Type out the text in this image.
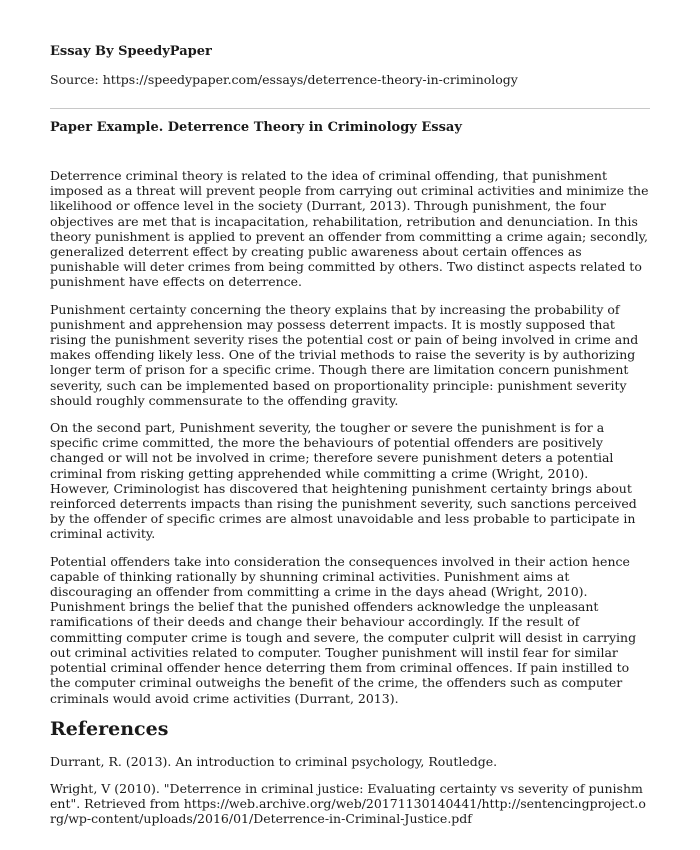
Essay By SpeedyPaper
Source: https://speedypaper.com/essays/deterrence-theory-in-criminology
Paper Example. Deterrence Theory in Criminology Essay

Deterrence criminal theory is related to the idea of criminal offending, that punishment imposed as a threat will prevent people from carrying out criminal activities and minimize the likelihood or offence level in the society (Durrant, 2013). Through punishment, the four objectives are met that is incapacitation, rehabilitation, retribution and denunciation. In this theory punishment is applied to prevent an offender from committing a crime again; secondly, generalized deterrent effect by creating public awareness about certain offences as punishable will deter crimes from being committed by others. Two distinct aspects related to punishment have effects on deterrence.

Punishment certainty concerning the theory explains that by increasing the probability of punishment and apprehension may possess deterrent impacts. It is mostly supposed that rising the punishment severity rises the potential cost or pain of being involved in crime and makes offending likely less. One of the trivial methods to raise the severity is by authorizing longer term of prison for a specific crime. Though there are limitation concern punishment severity, such can be implemented based on proportionality principle: punishment severity should roughly commensurate to the offending gravity.

On the second part, Punishment severity, the tougher or severe the punishment is for a specific crime committed, the more the behaviours of potential offenders are positively changed or will not be involved in crime; therefore severe punishment deters a potential criminal from risking getting apprehended while committing a crime (Wright, 2010). However, Criminologist has discovered that heightening punishment certainty brings about reinforced deterrents impacts than rising the punishment severity, such sanctions perceived by the offender of specific crimes are almost unavoidable and less probable to participate in criminal activity.

Potential offenders take into consideration the consequences involved in their action hence capable of thinking rationally by shunning criminal activities. Punishment aims at discouraging an offender from committing a crime in the days ahead (Wright, 2010). Punishment brings the belief that the punished offenders acknowledge the unpleasant ramifications of their deeds and change their behaviour accordingly. If the result of committing computer crime is tough and severe, the computer culprit will desist in carrying out criminal activities related to computer. Tougher punishment will instil fear for similar potential criminal offender hence deterring them from criminal offences. If pain instilled to the computer criminal outweighs the benefit of the crime, the offenders such as computer criminals would avoid crime activities (Durrant, 2013).

References

Durrant, R. (2013). An introduction to criminal psychology, Routledge.

Wright, V (2010). "Deterrence in criminal justice: Evaluating certainty vs severity of punishment". Retrieved from https://web.archive.org/web/20171130140441/http://sentencingproject.org/wp-content/uploads/2016/01/Deterrence-in-Criminal-Justice.pdf
